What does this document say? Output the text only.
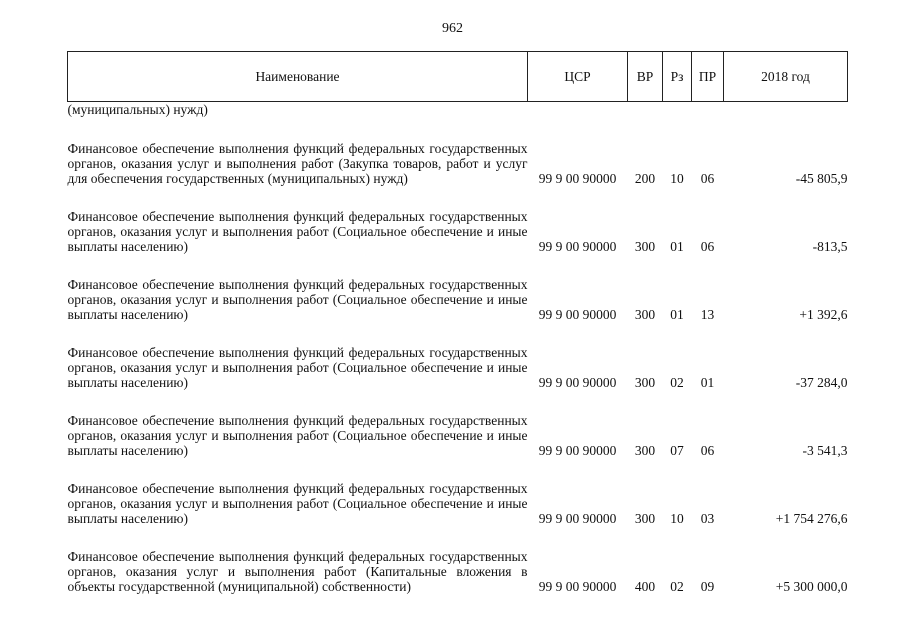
962
Наименование	ЦСР	ВР	Рз	ПР	2018 год
(муниципальных) нужд)					
Финансовое обеспечение выполнения функций федеральных государственных органов, оказания услуг и выполнения работ (Закупка товаров, работ и услуг для обеспечения государственных (муниципальных) нужд)	99 9 00 90000	200	10	06	-45 805,9
Финансовое обеспечение выполнения функций федеральных государственных органов, оказания услуг и выполнения работ (Социальное обеспечение и иные выплаты населению)	99 9 00 90000	300	01	06	-813,5
Финансовое обеспечение выполнения функций федеральных государственных органов, оказания услуг и выполнения работ (Социальное обеспечение и иные выплаты населению)	99 9 00 90000	300	01	13	+1 392,6
Финансовое обеспечение выполнения функций федеральных государственных органов, оказания услуг и выполнения работ (Социальное обеспечение и иные выплаты населению)	99 9 00 90000	300	02	01	-37 284,0
Финансовое обеспечение выполнения функций федеральных государственных органов, оказания услуг и выполнения работ (Социальное обеспечение и иные выплаты населению)	99 9 00 90000	300	07	06	-3 541,3
Финансовое обеспечение выполнения функций федеральных государственных органов, оказания услуг и выполнения работ (Социальное обеспечение и иные выплаты населению)	99 9 00 90000	300	10	03	+1 754 276,6
Финансовое обеспечение выполнения функций федеральных государственных органов, оказания услуг и выполнения работ (Капитальные вложения в объекты государственной (муниципальной) собственности)	99 9 00 90000	400	02	09	+5 300 000,0
